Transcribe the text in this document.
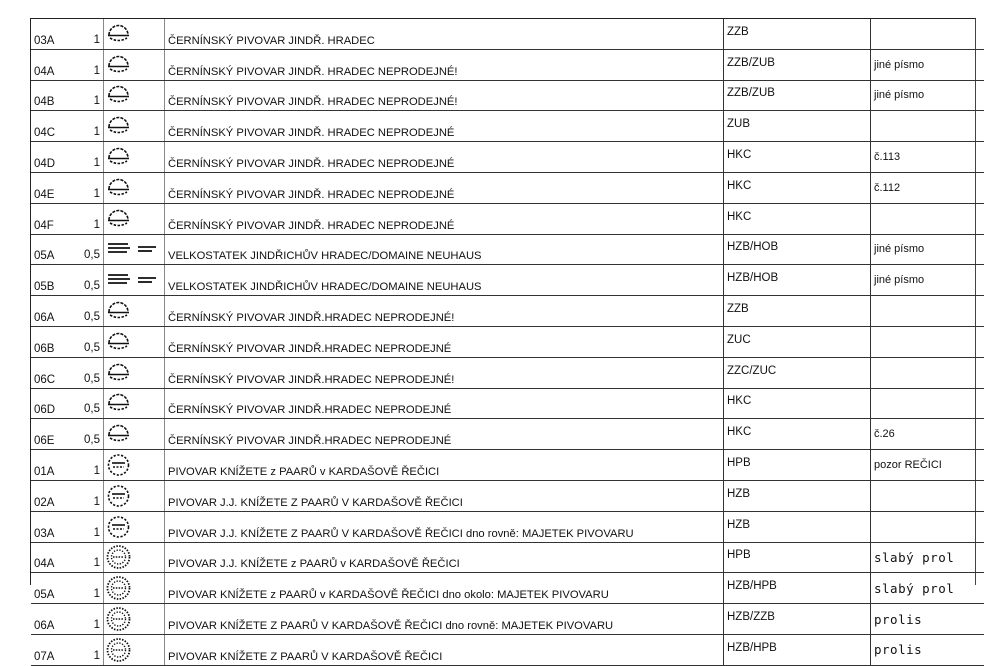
03A	1		ČERNÍNSKÝ PIVOVAR JINDŘ. HRADEC	ZZB	
04A	1		ČERNÍNSKÝ PIVOVAR JINDŘ. HRADEC NEPRODEJNÉ!	ZZB/ZUB	jiné písmo
04B	1		ČERNÍNSKÝ PIVOVAR JINDŘ. HRADEC NEPRODEJNÉ!	ZZB/ZUB	jiné písmo
04C	1		ČERNÍNSKÝ PIVOVAR JINDŘ. HRADEC NEPRODEJNÉ	ZUB	
04D	1		ČERNÍNSKÝ PIVOVAR JINDŘ. HRADEC NEPRODEJNÉ	HKC	č.113
04E	1		ČERNÍNSKÝ PIVOVAR JINDŘ. HRADEC NEPRODEJNÉ	HKC	č.112
04F	1		ČERNÍNSKÝ PIVOVAR JINDŘ. HRADEC NEPRODEJNÉ	HKC	
05A	0,5		VELKOSTATEK JINDŘICHŮV HRADEC/DOMAINE NEUHAUS	HZB/HOB	jiné písmo
05B	0,5		VELKOSTATEK JINDŘICHŮV HRADEC/DOMAINE NEUHAUS	HZB/HOB	jiné písmo
06A	0,5		ČERNÍNSKÝ PIVOVAR JINDŘ.HRADEC NEPRODEJNÉ!	ZZB	
06B	0,5		ČERNÍNSKÝ PIVOVAR JINDŘ.HRADEC NEPRODEJNÉ	ZUC	
06C	0,5		ČERNÍNSKÝ PIVOVAR JINDŘ.HRADEC NEPRODEJNÉ!	ZZC/ZUC	
06D	0,5		ČERNÍNSKÝ PIVOVAR JINDŘ.HRADEC NEPRODEJNÉ	HKC	
06E	0,5		ČERNÍNSKÝ PIVOVAR JINDŘ.HRADEC NEPRODEJNÉ	HKC	č.26
01A	1		PIVOVAR KNÍŽETE z PAARŮ v KARDAŠOVĚ ŘEČICI	HPB	pozor REČICI
02A	1		PIVOVAR J.J. KNÍŽETE Z PAARŮ V KARDAŠOVĚ ŘEČICI	HZB	
03A	1		PIVOVAR J.J. KNÍŽETE Z PAARŮ V KARDAŠOVĚ ŘEČICI dno rovně: MAJETEK PIVOVARU	HZB	
04A	1		PIVOVAR J.J. KNÍŽETE z PAARŮ v KARDAŠOVĚ ŘEČICI	HPB	slabý prol
05A	1		PIVOVAR KNÍŽETE z PAARŮ v KARDAŠOVĚ ŘEČICI dno okolo: MAJETEK PIVOVARU	HZB/HPB	slabý prol
06A	1		PIVOVAR KNÍŽETE Z PAARŮ V KARDAŠOVĚ ŘEČICI dno rovně: MAJETEK PIVOVARU	HZB/ZZB	prolis
07A	1		PIVOVAR KNÍŽETE Z PAARŮ V KARDAŠOVĚ ŘEČICI	HZB/HPB	prolis
